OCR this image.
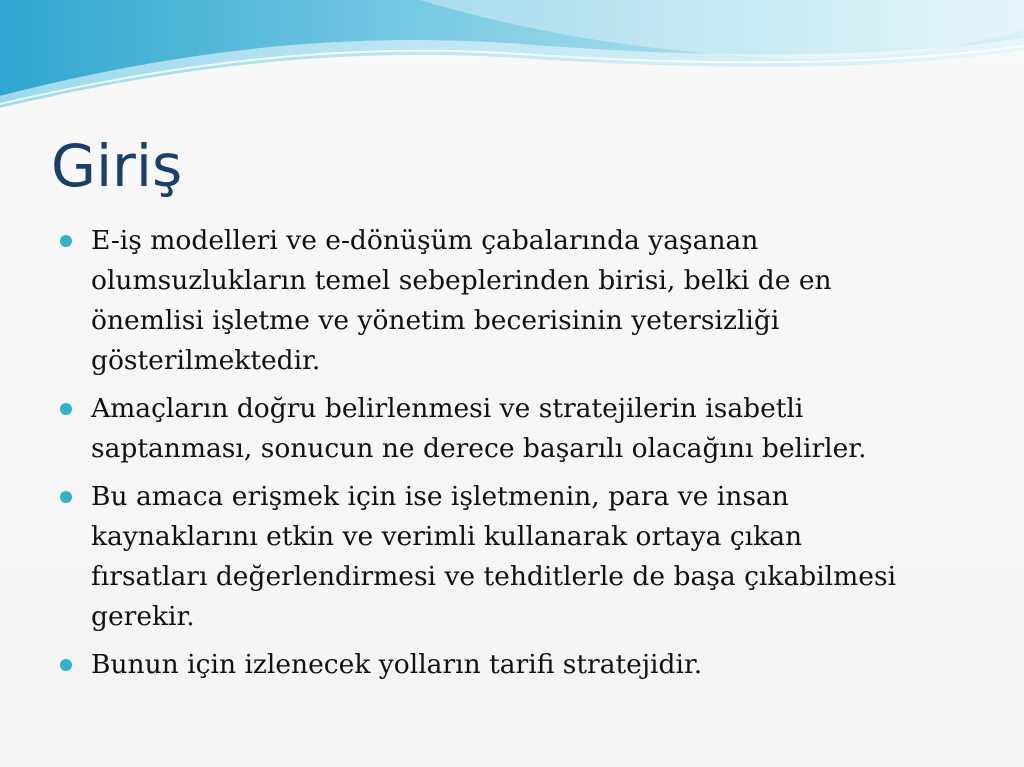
Giriş
E-iş modelleri ve e-dönüşüm çabalarında yaşanan
olumsuzlukların temel sebeplerinden birisi, belki de en
önemlisi işletme ve yönetim becerisinin yetersizliği
gösterilmektedir.
Amaçların doğru belirlenmesi ve stratejilerin isabetli
saptanması, sonucun ne derece başarılı olacağını belirler.
Bu amaca erişmek için ise işletmenin, para ve insan
kaynaklarını etkin ve verimli kullanarak ortaya çıkan
fırsatları değerlendirmesi ve tehditlerle de başa çıkabilmesi
gerekir.
Bunun için izlenecek yolların tarifi stratejidir.
